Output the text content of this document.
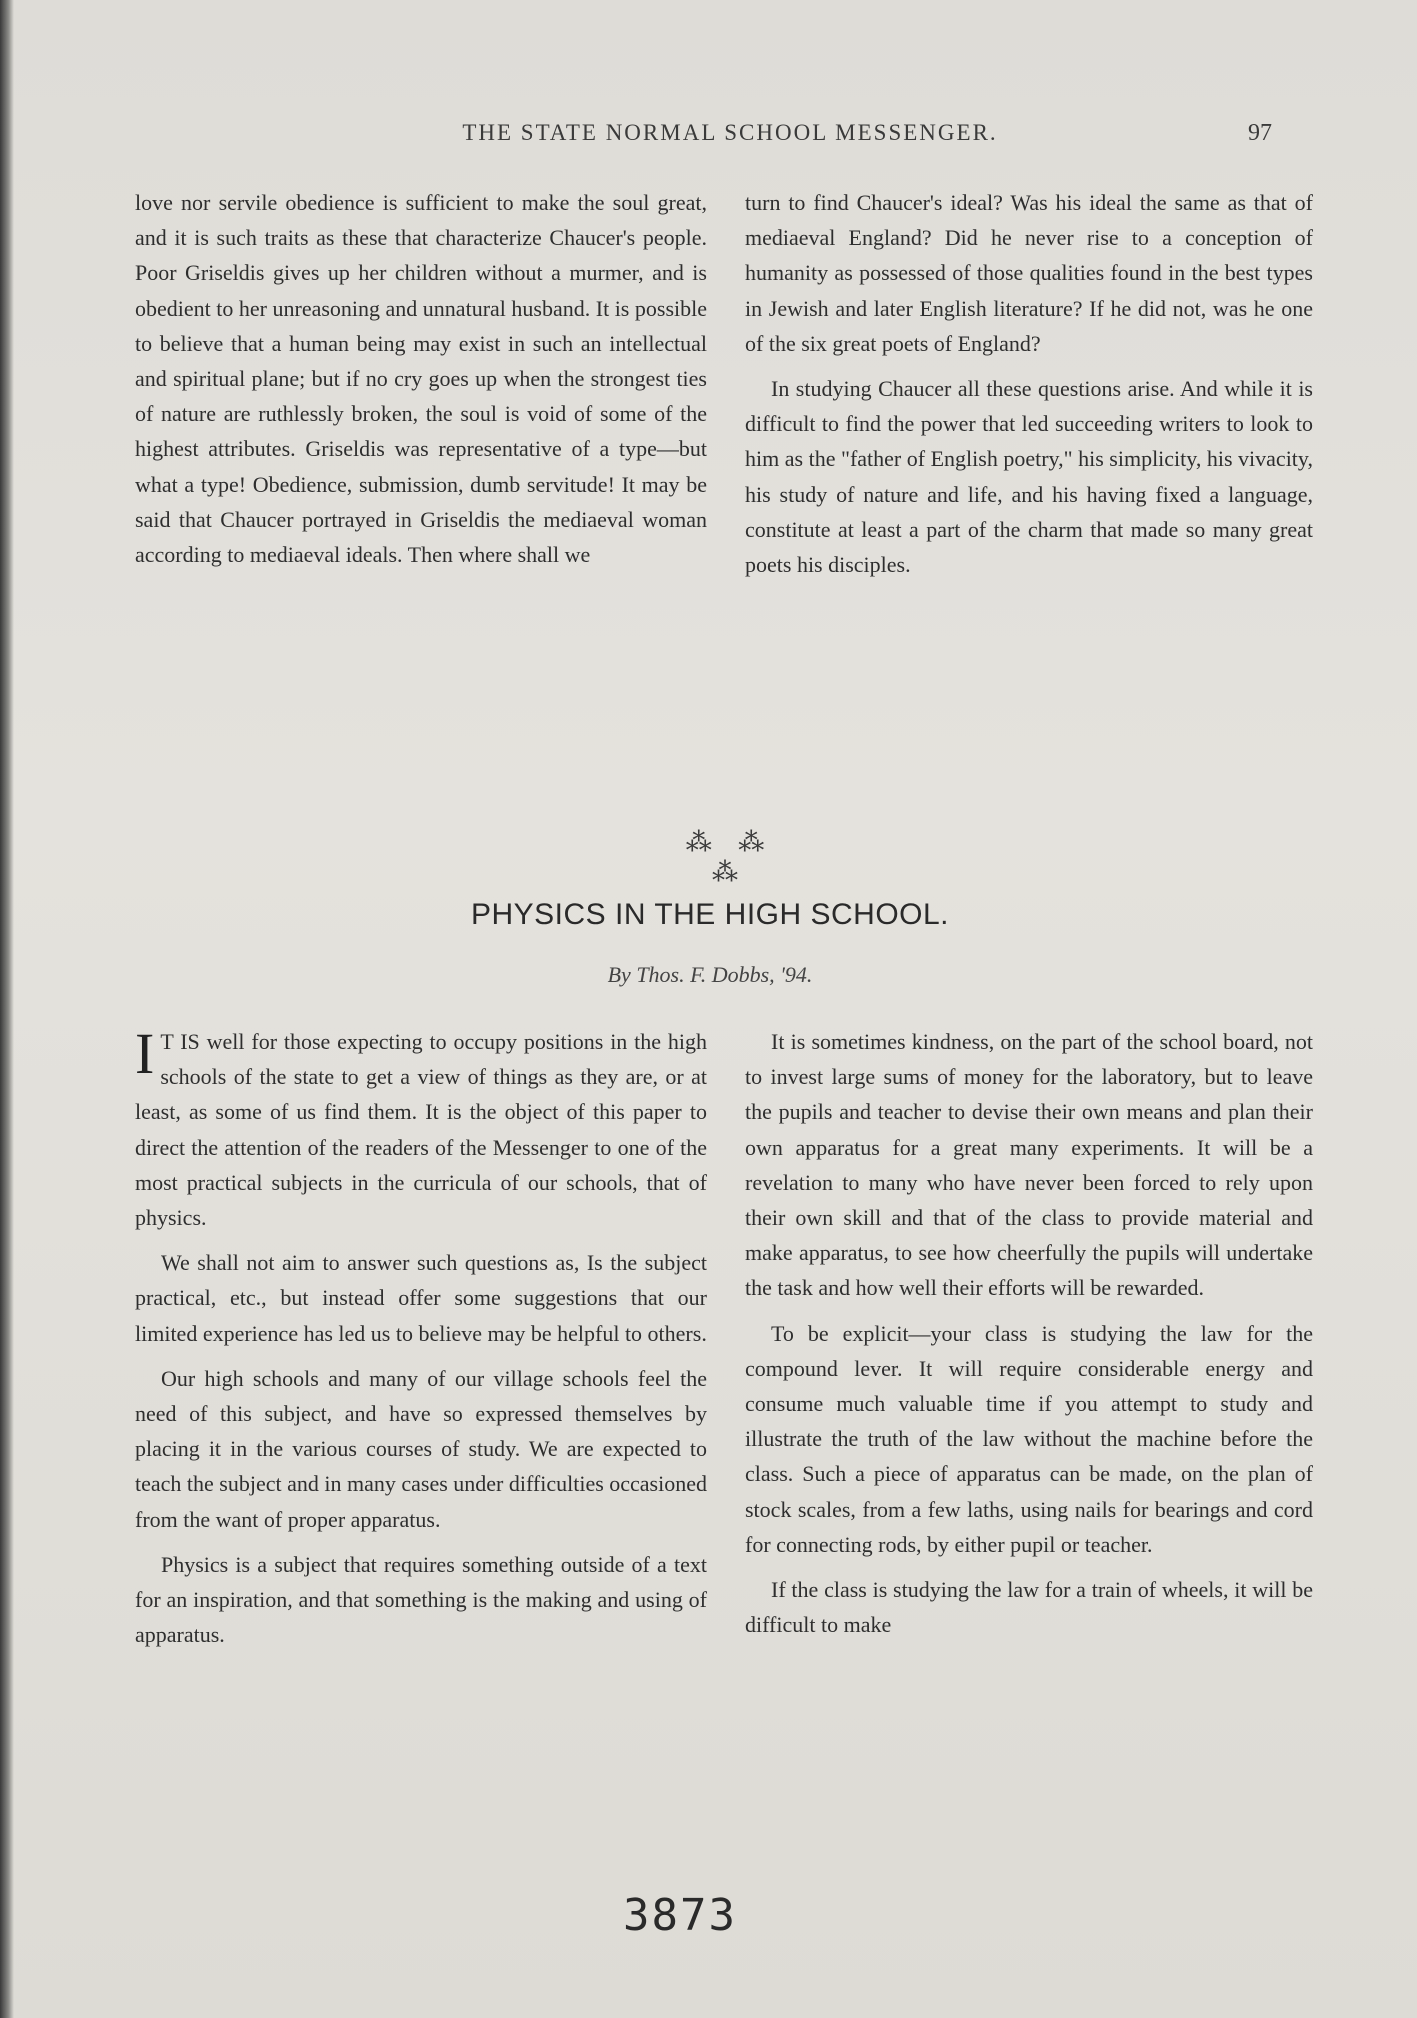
THE STATE NORMAL SCHOOL MESSENGER.	97

love nor servile obedience is sufficient to make the soul great, and it is such traits as these that characterize Chaucer's people. Poor Griseldis gives up her children without a murmer, and is obedient to her unreasoning and unnatural husband. It is possible to believe that a human being may exist in such an intellectual and spiritual plane; but if no cry goes up when the strongest ties of nature are ruthlessly broken, the soul is void of some of the highest attributes. Griseldis was representative of a type—but what a type! Obedience, submission, dumb servitude! It may be said that Chaucer portrayed in Griseldis the mediaeval woman according to mediaeval ideals. Then where shall we

turn to find Chaucer's ideal? Was his ideal the same as that of mediaeval England? Did he never rise to a conception of humanity as possessed of those qualities found in the best types in Jewish and later English literature? If he did not, was he one of the six great poets of England?

In studying Chaucer all these questions arise. And while it is difficult to find the power that led succeeding writers to look to him as the "father of English poetry," his simplicity, his vivacity, his study of nature and life, and his having fixed a language, constitute at least a part of the charm that made so many great poets his disciples.

⁂ ⁂ ⁂
PHYSICS IN THE HIGH SCHOOL.
By Thos. F. Dobbs, '94.

I T IS well for those expecting to occupy positions in the high schools of the state to get a view of things as they are, or at least, as some of us find them. It is the object of this paper to direct the attention of the readers of the Messenger to one of the most practical subjects in the curricula of our schools, that of physics.

We shall not aim to answer such questions as, Is the subject practical, etc., but instead offer some suggestions that our limited experience has led us to believe may be helpful to others.

Our high schools and many of our village schools feel the need of this subject, and have so expressed themselves by placing it in the various courses of study. We are expected to teach the subject and in many cases under difficulties occasioned from the want of proper apparatus.

Physics is a subject that requires something outside of a text for an inspiration, and that something is the making and using of apparatus.

It is sometimes kindness, on the part of the school board, not to invest large sums of money for the laboratory, but to leave the pupils and teacher to devise their own means and plan their own apparatus for a great many experiments. It will be a revelation to many who have never been forced to rely upon their own skill and that of the class to provide material and make apparatus, to see how cheerfully the pupils will undertake the task and how well their efforts will be rewarded.

To be explicit—your class is studying the law for the compound lever. It will require considerable energy and consume much valuable time if you attempt to study and illustrate the truth of the law without the machine before the class. Such a piece of apparatus can be made, on the plan of stock scales, from a few laths, using nails for bearings and cord for connecting rods, by either pupil or teacher.

If the class is studying the law for a train of wheels, it will be difficult to make

3873
